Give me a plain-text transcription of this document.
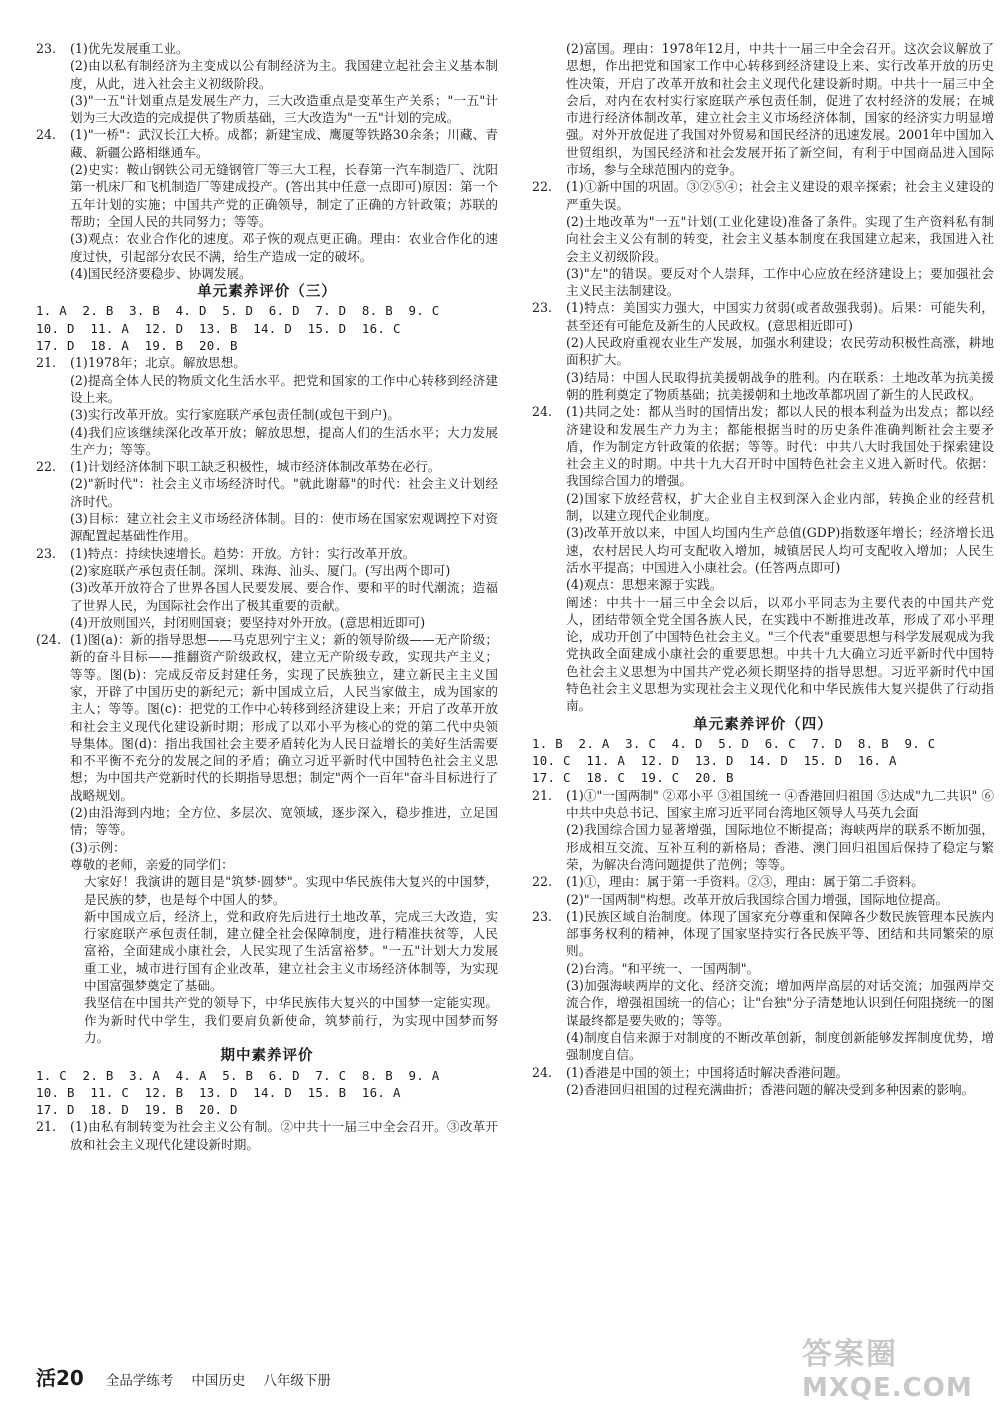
23.	(1)优先发展重工业。

(2)由以私有制经济为主变成以公有制经济为主。我国建立起社会主义基本制度，从此，进入社会主义初级阶段。

(3)"一五"计划重点是发展生产力，三大改造重点是变革生产关系；"一五"计划为三大改造的完成提供了物质基础，三大改造为"一五"计划的完成。

24.	(1)"一桥"：武汉长江大桥。成都；新建宝成、鹰厦等铁路30余条；川藏、青藏、新疆公路相继通车。

(2)史实：鞍山钢铁公司无缝钢管厂等三大工程，长春第一汽车制造厂、沈阳第一机床厂和飞机制造厂等建成投产。(答出其中任意一点即可)原因：第一个五年计划的实施；中国共产党的正确领导，制定了正确的方针政策；苏联的帮助；全国人民的共同努力；等等。

(3)观点：农业合作化的速度。邓子恢的观点更正确。理由：农业合作化的速度过快，引起部分农民不满，给生产造成一定的破坏。

(4)国民经济要稳步、协调发展。

单元素养评价（三）

1. A  2. B  3. B  4. D  5. D  6. D  7. D  8. B  9. C

10. D  11. A  12. D  13. B  14. D  15. D  16. C

17. D  18. A  19. B  20. B

21.	(1)1978年；北京。解放思想。

(2)提高全体人民的物质文化生活水平。把党和国家的工作中心转移到经济建设上来。

(3)实行改革开放。实行家庭联产承包责任制(或包干到户)。

(4)我们应该继续深化改革开放；解放思想，提高人们的生活水平；大力发展生产力；等等。

22.	(1)计划经济体制下职工缺乏积极性，城市经济体制改革势在必行。

(2)"新时代"：社会主义市场经济时代。"就此谢幕"的时代：社会主义计划经济时代。

(3)目标：建立社会主义市场经济体制。目的：使市场在国家宏观调控下对资源配置起基础性作用。

23.	(1)特点：持续快速增长。趋势：开放。方针：实行改革开放。

(2)家庭联产承包责任制。深圳、珠海、汕头、厦门。(写出两个即可)

(3)改革开放符合了世界各国人民要发展、要合作、要和平的时代潮流；造福了世界人民，为国际社会作出了极其重要的贡献。

(4)开放则国兴，封闭则国衰；要坚持对外开放。(意思相近即可)

(24. (1)图(a)：新的指导思想——马克思列宁主义；新的领导阶级——无产阶级；新的奋斗目标——推翻资产阶级政权，建立无产阶级专政，实现共产主义；等等。图(b)：完成反帝反封建任务，实现了民族独立，建立新民主主义国家，开辟了中国历史的新纪元；新中国成立后，人民当家做主，成为国家的主人；等等。图(c)：把党的工作中心转移到经济建设上来；开启了改革开放和社会主义现代化建设新时期；形成了以邓小平为核心的党的第二代中央领导集体。图(d)：指出我国社会主要矛盾转化为人民日益增长的美好生活需要和不平衡不充分的发展之间的矛盾；确立习近平新时代中国特色社会主义思想；为中国共产党新时代的长期指导思想；制定"两个一百年"奋斗目标进行了战略规划。

(2)由沿海到内地；全方位、多层次、宽领域，逐步深入，稳步推进，立足国情；等等。

(3)示例：

尊敬的老师，亲爱的同学们：

大家好！我演讲的题目是"筑梦·圆梦"。实现中华民族伟大复兴的中国梦，是民族的梦，也是每个中国人的梦。

新中国成立后，经济上，党和政府先后进行土地改革，完成三大改造，实行家庭联产承包责任制，建立健全社会保障制度，进行精准扶贫等，人民富裕，全面建成小康社会，人民实现了生活富裕梦。"一五"计划大力发展重工业，城市进行国有企业改革，建立社会主义市场经济体制等，为实现中国富强梦奠定了基础。

我坚信在中国共产党的领导下，中华民族伟大复兴的中国梦一定能实现。作为新时代中学生，我们要肩负新使命，筑梦前行，为实现中国梦而努力。

期中素养评价

1. C  2. B  3. A  4. A  5. B  6. D  7. C  8. B  9. A

10. B  11. C  12. B  13. D  14. D  15. B  16. A

17. D  18. D  19. B  20. D

21.	(1)由私有制转变为社会主义公有制。②中共十一届三中全会召开。③改革开放和社会主义现代化建设新时期。

(2)富国。理由：1978年12月，中共十一届三中全会召开。这次会议解放了思想，作出把党和国家工作中心转移到经济建设上来、实行改革开放的历史性决策，开启了改革开放和社会主义现代化建设新时期。中共十一届三中全会后，对内在农村实行家庭联产承包责任制，促进了农村经济的发展；在城市进行经济体制改革，建立社会主义市场经济体制，国家的经济实力明显增强。对外开放促进了我国对外贸易和国民经济的迅速发展。2001年中国加入世贸组织，为国民经济和社会发展开拓了新空间，有利于中国商品进入国际市场，参与全球范围内的竞争。

22.	(1)①新中国的巩固。③②⑤④；社会主义建设的艰辛探索；社会主义建设的严重失误。

(2)土地改革为"一五"计划(工业化建设)准备了条件。实现了生产资料私有制向社会主义公有制的转变，社会主义基本制度在我国建立起来，我国进入社会主义初级阶段。

(3)"左"的错误。要反对个人崇拜，工作中心应放在经济建设上；要加强社会主义民主法制建设。

23.	(1)特点：美国实力强大，中国实力贫弱(或者敌强我弱)。后果：可能失利，甚至还有可能危及新生的人民政权。(意思相近即可)

(2)人民政府重视农业生产发展，加强水利建设；农民劳动积极性高涨，耕地面积扩大。

(3)结局：中国人民取得抗美援朝战争的胜利。内在联系：土地改革为抗美援朝的胜利奠定了物质基础；抗美援朝和土地改革都巩固了新生的人民政权。

24.	(1)共同之处：都从当时的国情出发；都以人民的根本利益为出发点；都以经济建设和发展生产力为主；都能根据当时的历史条件准确判断社会主要矛盾，作为制定方针政策的依据；等等。时代：中共八大时我国处于探索建设社会主义的时期。中共十九大召开时中国特色社会主义进入新时代。依据：我国综合国力的增强。

(2)国家下放经营权，扩大企业自主权到深入企业内部，转换企业的经营机制，以建立现代企业制度。

(3)改革开放以来，中国人均国内生产总值(GDP)指数逐年增长；经济增长迅速，农村居民人均可支配收入增加，城镇居民人均可支配收入增加；人民生活水平提高；中国进入小康社会。(任答两点即可)

(4)观点：思想来源于实践。

阐述：中共十一届三中全会以后，以邓小平同志为主要代表的中国共产党人，团结带领全党全国各族人民，在实践中不断推进改革，形成了邓小平理论，成功开创了中国特色社会主义。"三个代表"重要思想与科学发展观成为我党执政全面建成小康社会的重要思想。中共十九大确立习近平新时代中国特色社会主义思想为中国共产党必须长期坚持的指导思想。习近平新时代中国特色社会主义思想为实现社会主义现代化和中华民族伟大复兴提供了行动指南。

单元素养评价（四）

1. B  2. A  3. C  4. D  5. D  6. C  7. D  8. B  9. C

10. C  11. A  12. D  13. D  14. D  15. D  16. A

17. C  18. C  19. C  20. B

21.	(1)①"一国两制" ②邓小平 ③祖国统一 ④香港回归祖国 ⑤达成"九二共识" ⑥中共中央总书记、国家主席习近平同台湾地区领导人马英九会面

(2)我国综合国力显著增强，国际地位不断提高；海峡两岸的联系不断加强，形成相互交流、互补互利的新格局；香港、澳门回归祖国后保持了稳定与繁荣，为解决台湾问题提供了范例；等等。

22.	(1)①，理由：属于第一手资料。②③，理由：属于第二手资料。

(2)"一国两制"构想。改革开放后我国综合国力增强，国际地位提高。

23.	(1)民族区域自治制度。体现了国家充分尊重和保障各少数民族管理本民族内部事务权利的精神，体现了国家坚持实行各民族平等、团结和共同繁荣的原则。

(2)台湾。"和平统一、一国两制"。

(3)加强海峡两岸的文化、经济交流；增加两岸高层的对话交流；加强两岸交流合作，增强祖国统一的信心；让"台独"分子清楚地认识到任何阻挠统一的图谋最终都是要失败的；等等。

(4)制度自信来源于对制度的不断改革创新，制度创新能够发挥制度优势，增强制度自信。

24.	(1)香港是中国的领土；中国将适时解决香港问题。

(2)香港回归祖国的过程充满曲折；香港问题的解决受到多种因素的影响。

活20 全品学练考 中国历史 八年级下册
答案圈
MXQE.COM
